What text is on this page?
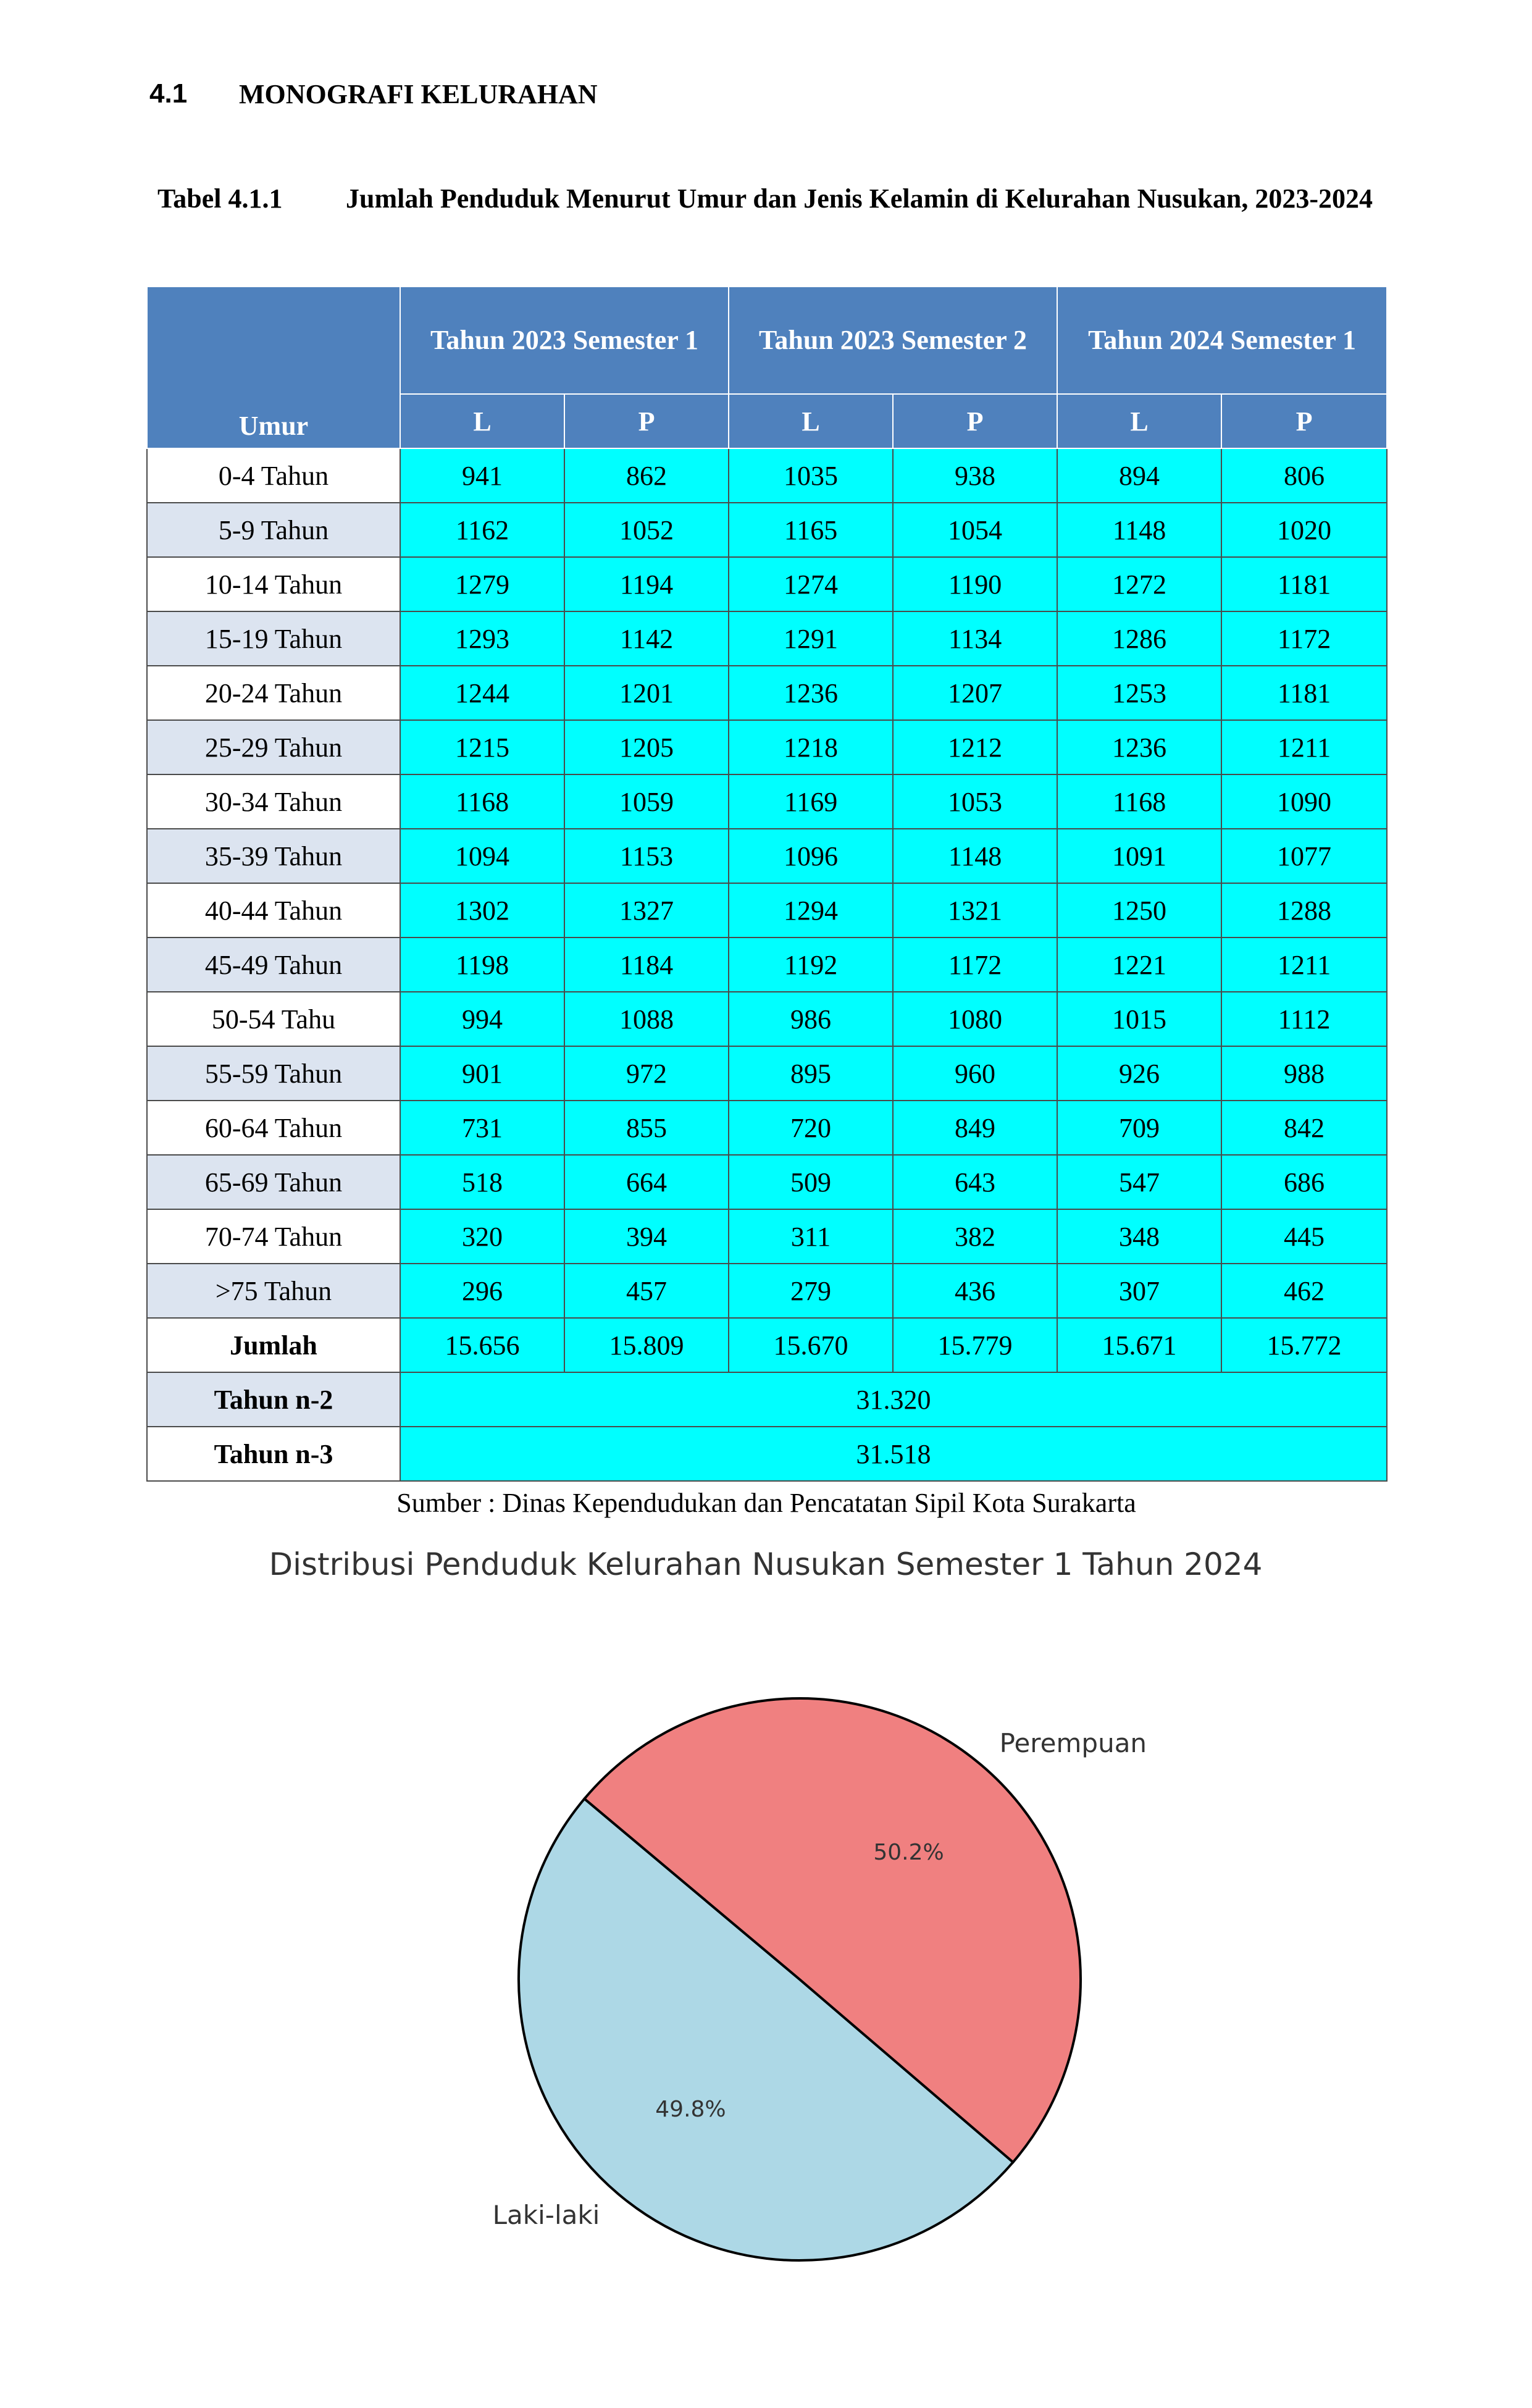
4.1	MONOGRAFI KELURAHAN
Tabel 4.1.1 Jumlah Penduduk Menurut Umur dan Jenis Kelamin di Kelurahan Nusukan, 2023-2024
Umur	Tahun 2023 Semester 1		Tahun 2023 Semester 2		Tahun 2024 Semester 1	
	L	P	L	P	L	P
0-4 Tahun	941	862	1035	938	894	806
5-9 Tahun	1162	1052	1165	1054	1148	1020
10-14 Tahun	1279	1194	1274	1190	1272	1181
15-19 Tahun	1293	1142	1291	1134	1286	1172
20-24 Tahun	1244	1201	1236	1207	1253	1181
25-29 Tahun	1215	1205	1218	1212	1236	1211
30-34 Tahun	1168	1059	1169	1053	1168	1090
35-39 Tahun	1094	1153	1096	1148	1091	1077
40-44 Tahun	1302	1327	1294	1321	1250	1288
45-49 Tahun	1198	1184	1192	1172	1221	1211
50-54 Tahu	994	1088	986	1080	1015	1112
55-59 Tahun	901	972	895	960	926	988
60-64 Tahun	731	855	720	849	709	842
65-69 Tahun	518	664	509	643	547	686
70-74 Tahun	320	394	311	382	348	445
>75 Tahun	296	457	279	436	307	462
Jumlah	15.656	15.809	15.670	15.779	15.671	15.772
Tahun n-2	31.320					
Tahun n-3	31.518					
Sumber : Dinas Kependudukan dan Pencatatan Sipil Kota Surakarta
Distribusi Penduduk Kelurahan Nusukan Semester 1 Tahun 2024
49.8%
Laki-laki
50.2%
Perempuan
